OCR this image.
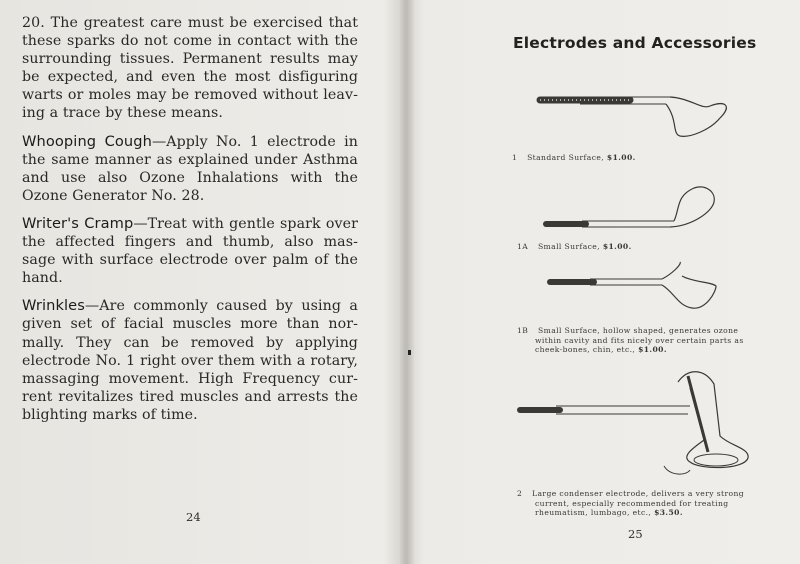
20. The greatest care must be exercised that these sparks do not come in contact with the surrounding tissues. Permanent results may be expected, and even the most disfiguring warts or moles may be removed without leav- ing a trace by these means.

Whooping Cough—Apply No. 1 electrode in the same manner as explained under Asthma and use also Ozone Inhalations with the Ozone Generator No. 28.

Writer's Cramp—Treat with gentle spark over the affected fingers and thumb, also mas- sage with surface electrode over palm of the hand.

Wrinkles—Are commonly caused by using a given set of facial muscles more than nor- mally. They can be removed by applying electrode No. 1 right over them with a rotary, massaging movement. High Frequency cur- rent revitalizes tired muscles and arrests the blighting marks of time.

24
Electrodes and Accessories
1 Standard Surface, $1.00.
1A Small Surface, $1.00.
1B Small Surface, hollow shaped, generates ozone
within cavity and fits nicely over certain parts as cheek-bones, chin, etc., $1.00.
2 Large condenser electrode, delivers a very strong
current, especially recommended for treating rheumatism, lumbago, etc., $3.50.
25
